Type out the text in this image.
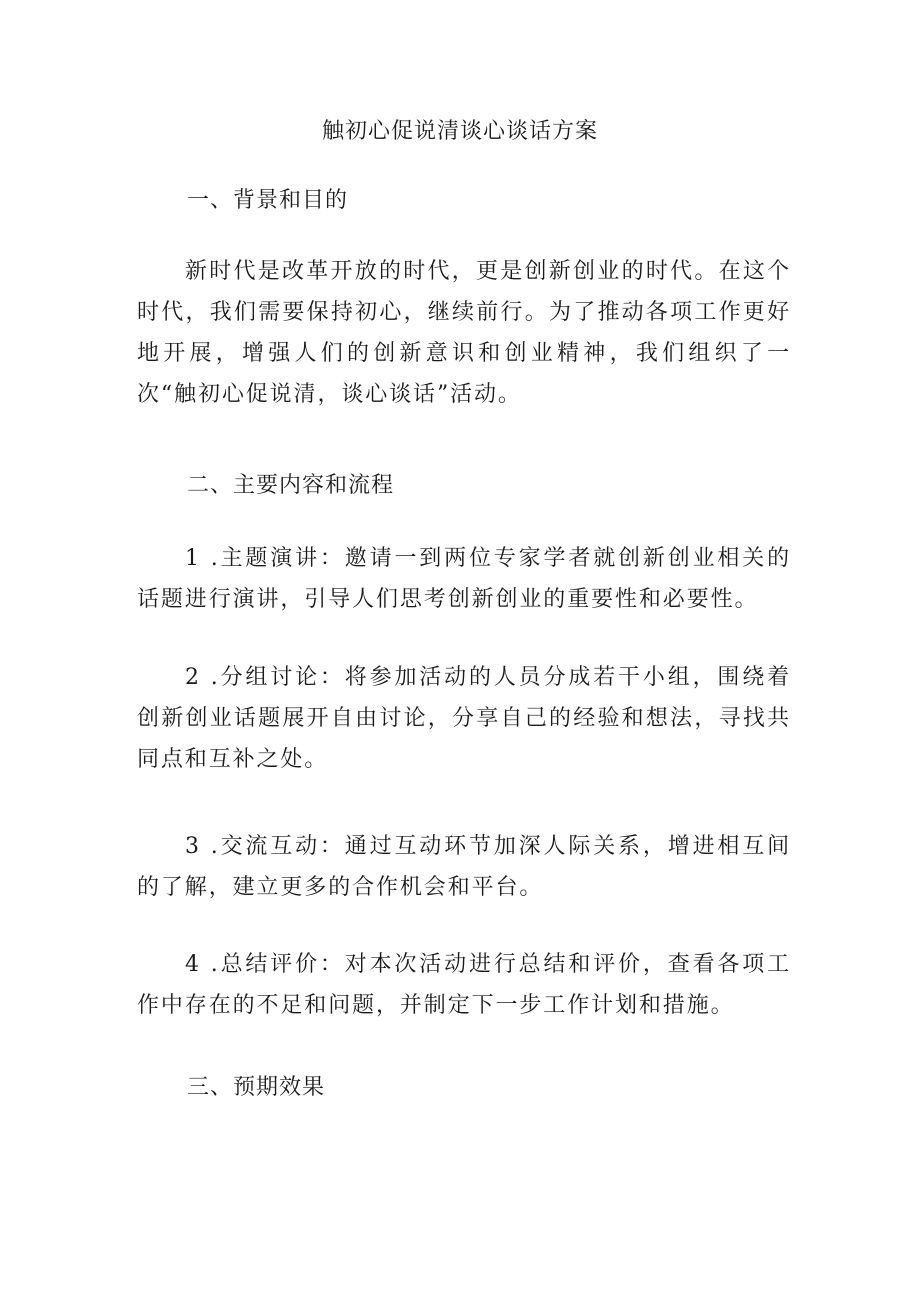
触初心促说清谈心谈话方案
一、背景和目的

新时代是改革开放的时代，更是创新创业的时代。在这个时代，我们需要保持初心，继续前行。为了推动各项工作更好地开展，增强人们的创新意识和创业精神，我们组织了一次“触初心促说清，谈心谈话”活动。

二、主要内容和流程

1 .主题演讲：邀请一到两位专家学者就创新创业相关的话题进行演讲，引导人们思考创新创业的重要性和必要性。

2 .分组讨论：将参加活动的人员分成若干小组，围绕着创新创业话题展开自由讨论，分享自己的经验和想法，寻找共同点和互补之处。

3 .交流互动：通过互动环节加深人际关系，增进相互间的了解，建立更多的合作机会和平台。

4 .总结评价：对本次活动进行总结和评价，查看各项工作中存在的不足和问题，并制定下一步工作计划和措施。

三、预期效果
